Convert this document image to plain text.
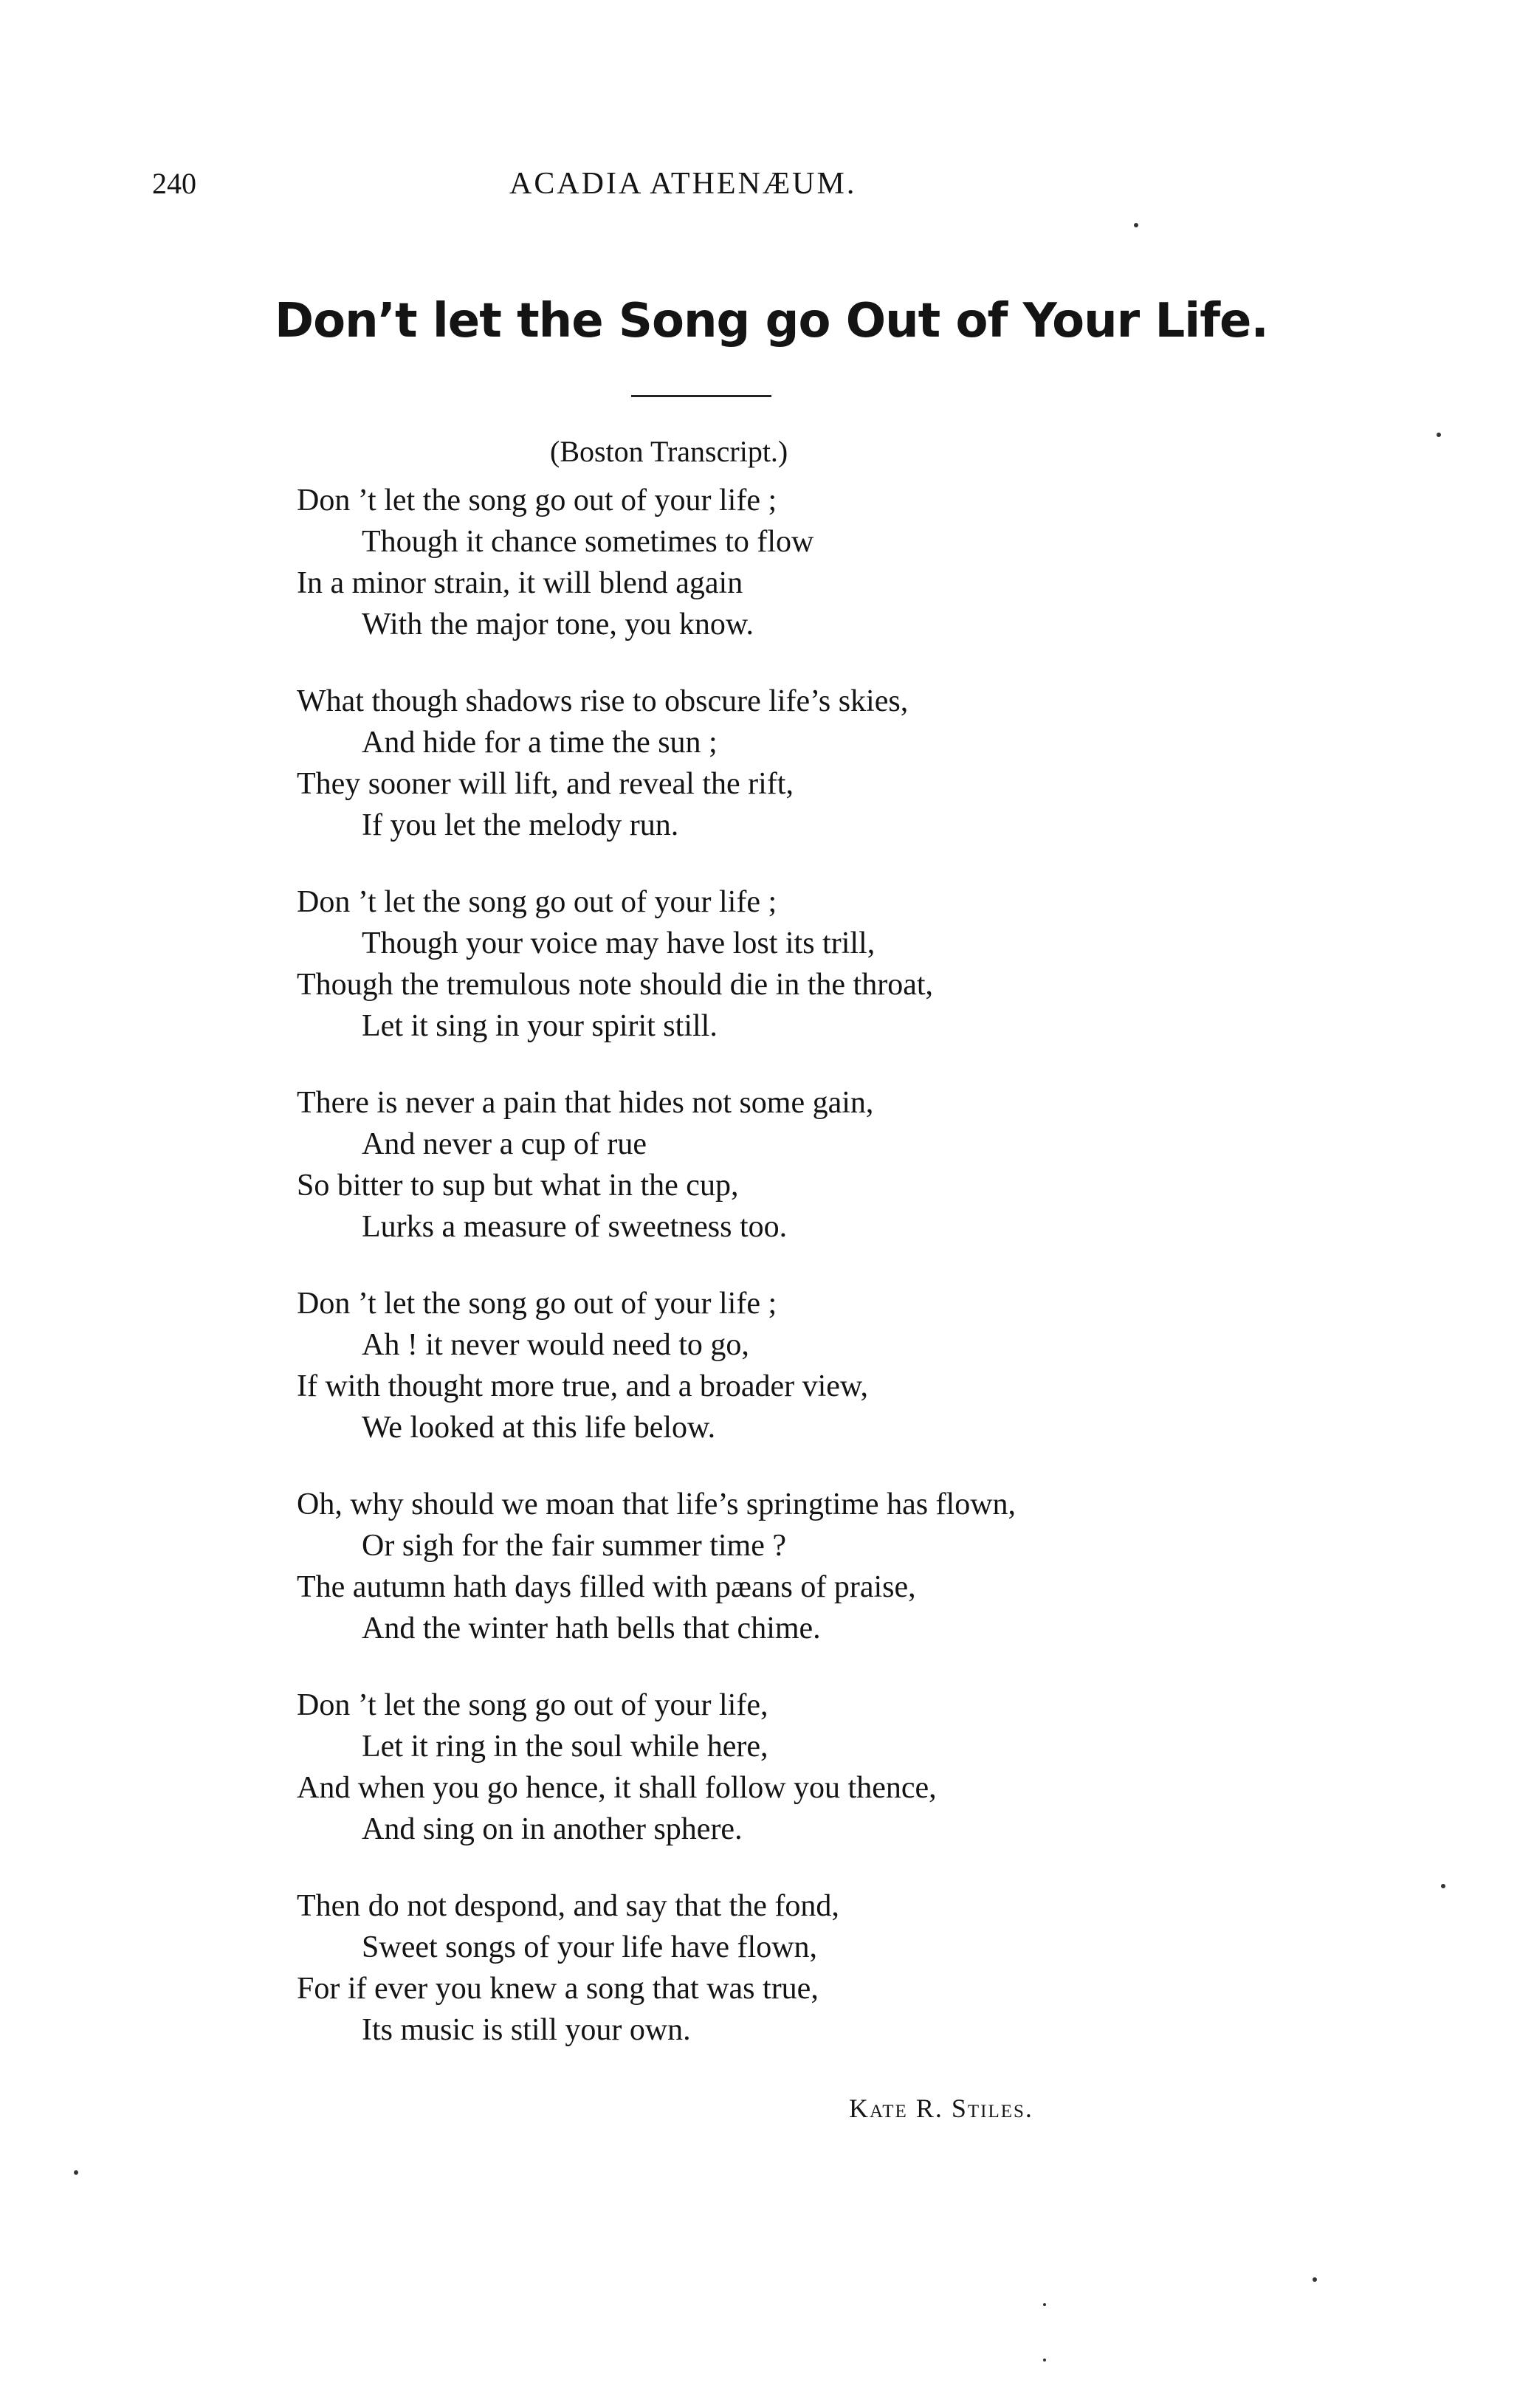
240	ACADIA ATHENÆUM.
Don’t let the Song go Out of Your Life.
(Boston Transcript.)
Don ’t let the song go out of your life ;
Though it chance sometimes to flow
In a minor strain, it will blend again
With the major tone, you know.
What though shadows rise to obscure life’s skies,
And hide for a time the sun ;
They sooner will lift, and reveal the rift,
If you let the melody run.
Don ’t let the song go out of your life ;
Though your voice may have lost its trill,
Though the tremulous note should die in the throat,
Let it sing in your spirit still.
There is never a pain that hides not some gain,
And never a cup of rue
So bitter to sup but what in the cup,
Lurks a measure of sweetness too.
Don ’t let the song go out of your life ;
Ah ! it never would need to go,
If with thought more true, and a broader view,
We looked at this life below.
Oh, why should we moan that life’s springtime has flown,
Or sigh for the fair summer time ?
The autumn hath days filled with pæans of praise,
And the winter hath bells that chime.
Don ’t let the song go out of your life,
Let it ring in the soul while here,
And when you go hence, it shall follow you thence,
And sing on in another sphere.
Then do not despond, and say that the fond,
Sweet songs of your life have flown,
For if ever you knew a song that was true,
Its music is still your own.
Kate R. Stiles.
